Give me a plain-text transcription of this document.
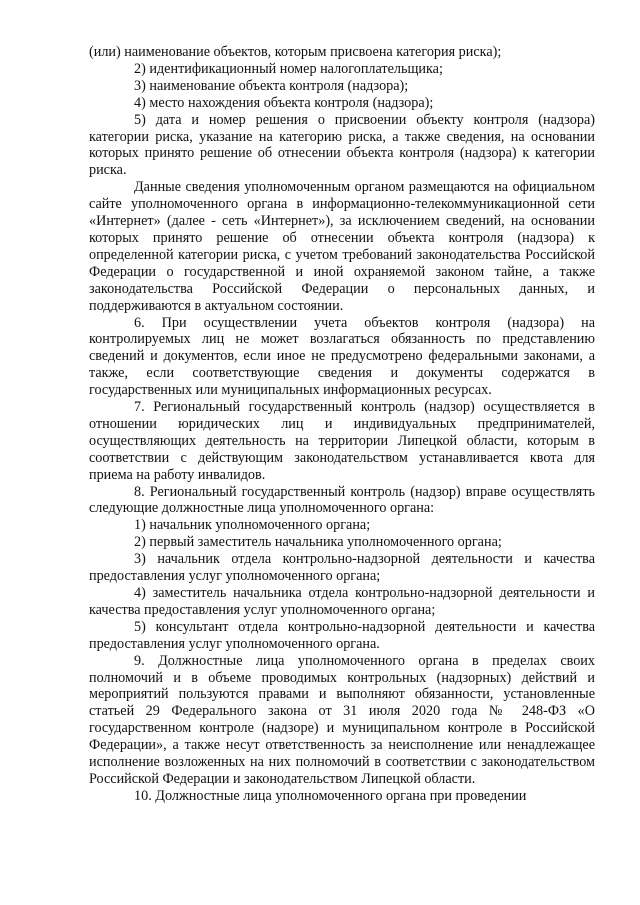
(или) наименование объектов, которым присвоена категория риска);

2) идентификационный номер налогоплательщика;

3) наименование объекта контроля (надзора);

4) место нахождения объекта контроля (надзора);

5) дата и номер решения о присвоении объекту контроля (надзора) категории риска, указание на категорию риска, а также сведения, на основании которых принято решение об отнесении объекта контроля (надзора) к категории риска.

Данные сведения уполномоченным органом размещаются на официальном сайте уполномоченного органа в информационно-телекоммуникационной сети «Интернет» (далее - сеть «Интернет»), за исключением сведений, на основании которых принято решение об отнесении объекта контроля (надзора) к определенной категории риска, с учетом требований законодательства Российской Федерации о государственной и иной охраняемой законом тайне, а также законодательства Российской Федерации о персональных данных, и поддерживаются в актуальном состоянии.

6. При осуществлении учета объектов контроля (надзора) на контролируемых лиц не может возлагаться обязанность по представлению сведений и документов, если иное не предусмотрено федеральными законами, а также, если соответствующие сведения и документы содержатся в государственных или муниципальных информационных ресурсах.

7. Региональный государственный контроль (надзор) осуществляется в отношении юридических лиц и индивидуальных предпринимателей, осуществляющих деятельность на территории Липецкой области, которым в соответствии с действующим законодательством устанавливается квота для приема на работу инвалидов.

8. Региональный государственный контроль (надзор) вправе осуществлять следующие должностные лица уполномоченного органа:

1) начальник уполномоченного органа;

2) первый заместитель начальника уполномоченного органа;

3) начальник отдела контрольно-надзорной деятельности и качества предоставления услуг уполномоченного органа;

4) заместитель начальника отдела контрольно-надзорной деятельности и качества предоставления услуг уполномоченного органа;

5) консультант отдела контрольно-надзорной деятельности и качества предоставления услуг уполномоченного органа.

9. Должностные лица уполномоченного органа в пределах своих полномочий и в объеме проводимых контрольных (надзорных) действий и мероприятий пользуются правами и выполняют обязанности, установленные статьей 29 Федерального закона от 31 июля 2020 года № 248-ФЗ «О государственном контроле (надзоре) и муниципальном контроле в Российской Федерации», а также несут ответственность за неисполнение или ненадлежащее исполнение возложенных на них полномочий в соответствии с законодательством Российской Федерации и законодательством Липецкой области.

10. Должностные лица уполномоченного органа при проведении
